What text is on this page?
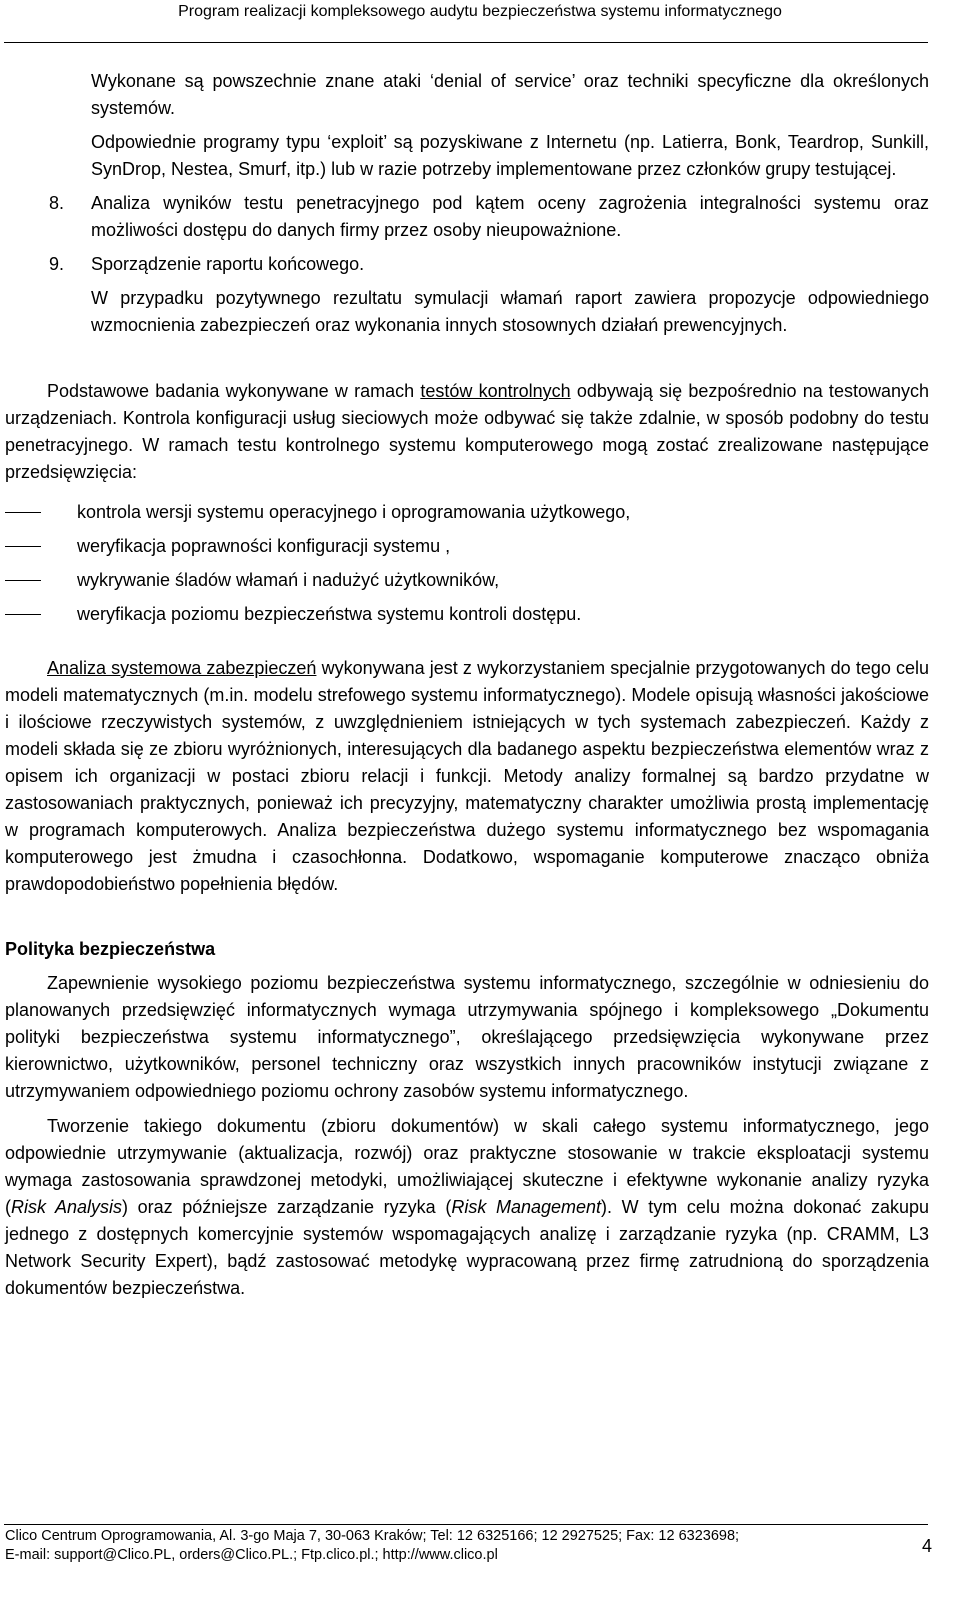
Program realizacji kompleksowego audytu bezpieczeństwa systemu informatycznego

Wykonane są powszechnie znane ataki ‘denial of service’ oraz techniki specyficzne dla określonych systemów.

Odpowiednie programy typu ‘exploit’ są pozyskiwane z Internetu (np. Latierra, Bonk, Teardrop, Sunkill, SynDrop, Nestea, Smurf, itp.) lub w razie potrzeby implementowane przez członków grupy testującej.

8.	Analiza wyników testu penetracyjnego pod kątem oceny zagrożenia integralności systemu oraz możliwości dostępu do danych firmy przez osoby nieupoważnione.
9.	Sporządzenie raportu końcowego.

W przypadku pozytywnego rezultatu symulacji włamań raport zawiera propozycje odpowiedniego wzmocnienia zabezpieczeń oraz wykonania innych stosownych działań prewencyjnych.

Podstawowe badania wykonywane w ramach testów kontrolnych odbywają się bezpośrednio na testowanych urządzeniach. Kontrola konfiguracji usług sieciowych może odbywać się także zdalnie, w sposób podobny do testu penetracyjnego. W ramach testu kontrolnego systemu komputerowego mogą zostać zrealizowane następujące przedsięwzięcia:

kontrola wersji systemu operacyjnego i oprogramowania użytkowego,
weryfikacja poprawności konfiguracji systemu ,
wykrywanie śladów włamań i nadużyć użytkowników,
weryfikacja poziomu bezpieczeństwa systemu kontroli dostępu.

Analiza systemowa zabezpieczeń wykonywana jest z wykorzystaniem specjalnie przygotowanych do tego celu modeli matematycznych (m.in. modelu strefowego systemu informatycznego). Modele opisują własności jakościowe i ilościowe rzeczywistych systemów, z uwzględnieniem istniejących w tych systemach zabezpieczeń. Każdy z modeli składa się ze zbioru wyróżnionych, interesujących dla badanego aspektu bezpieczeństwa elementów wraz z opisem ich organizacji w postaci zbioru relacji i funkcji. Metody analizy formalnej są bardzo przydatne w zastosowaniach praktycznych, ponieważ ich precyzyjny, matematyczny charakter umożliwia prostą implementację w programach komputerowych. Analiza bezpieczeństwa dużego systemu informatycznego bez wspomagania komputerowego jest żmudna i czasochłonna. Dodatkowo, wspomaganie komputerowe znacząco obniża prawdopodobieństwo popełnienia błędów.

Polityka bezpieczeństwa

Zapewnienie wysokiego poziomu bezpieczeństwa systemu informatycznego, szczególnie w odniesieniu do planowanych przedsięwzięć informatycznych wymaga utrzymywania spójnego i kompleksowego „Dokumentu polityki bezpieczeństwa systemu informatycznego”, określającego przedsięwzięcia wykonywane przez kierownictwo, użytkowników, personel techniczny oraz wszystkich innych pracowników instytucji związane z utrzymywaniem odpowiedniego poziomu ochrony zasobów systemu informatycznego.

Tworzenie takiego dokumentu (zbioru dokumentów) w skali całego systemu informatycznego, jego odpowiednie utrzymywanie (aktualizacja, rozwój) oraz praktyczne stosowanie w trakcie eksploatacji systemu wymaga zastosowania sprawdzonej metodyki, umożliwiającej skuteczne i efektywne wykonanie analizy ryzyka (Risk Analysis) oraz późniejsze zarządzanie ryzyka (Risk Management). W tym celu można dokonać zakupu jednego z dostępnych komercyjnie systemów wspomagających analizę i zarządzanie ryzyka (np. CRAMM, L3 Network Security Expert), bądź zastosować metodykę wypracowaną przez firmę zatrudnioną do sporządzenia dokumentów bezpieczeństwa.

Clico Centrum Oprogramowania, Al. 3-go Maja 7, 30-063 Kraków; Tel: 12 6325166; 12 2927525; Fax: 12 6323698;
E-mail: support@Clico.PL, orders@Clico.PL.; Ftp.clico.pl.; http://www.clico.pl	4
